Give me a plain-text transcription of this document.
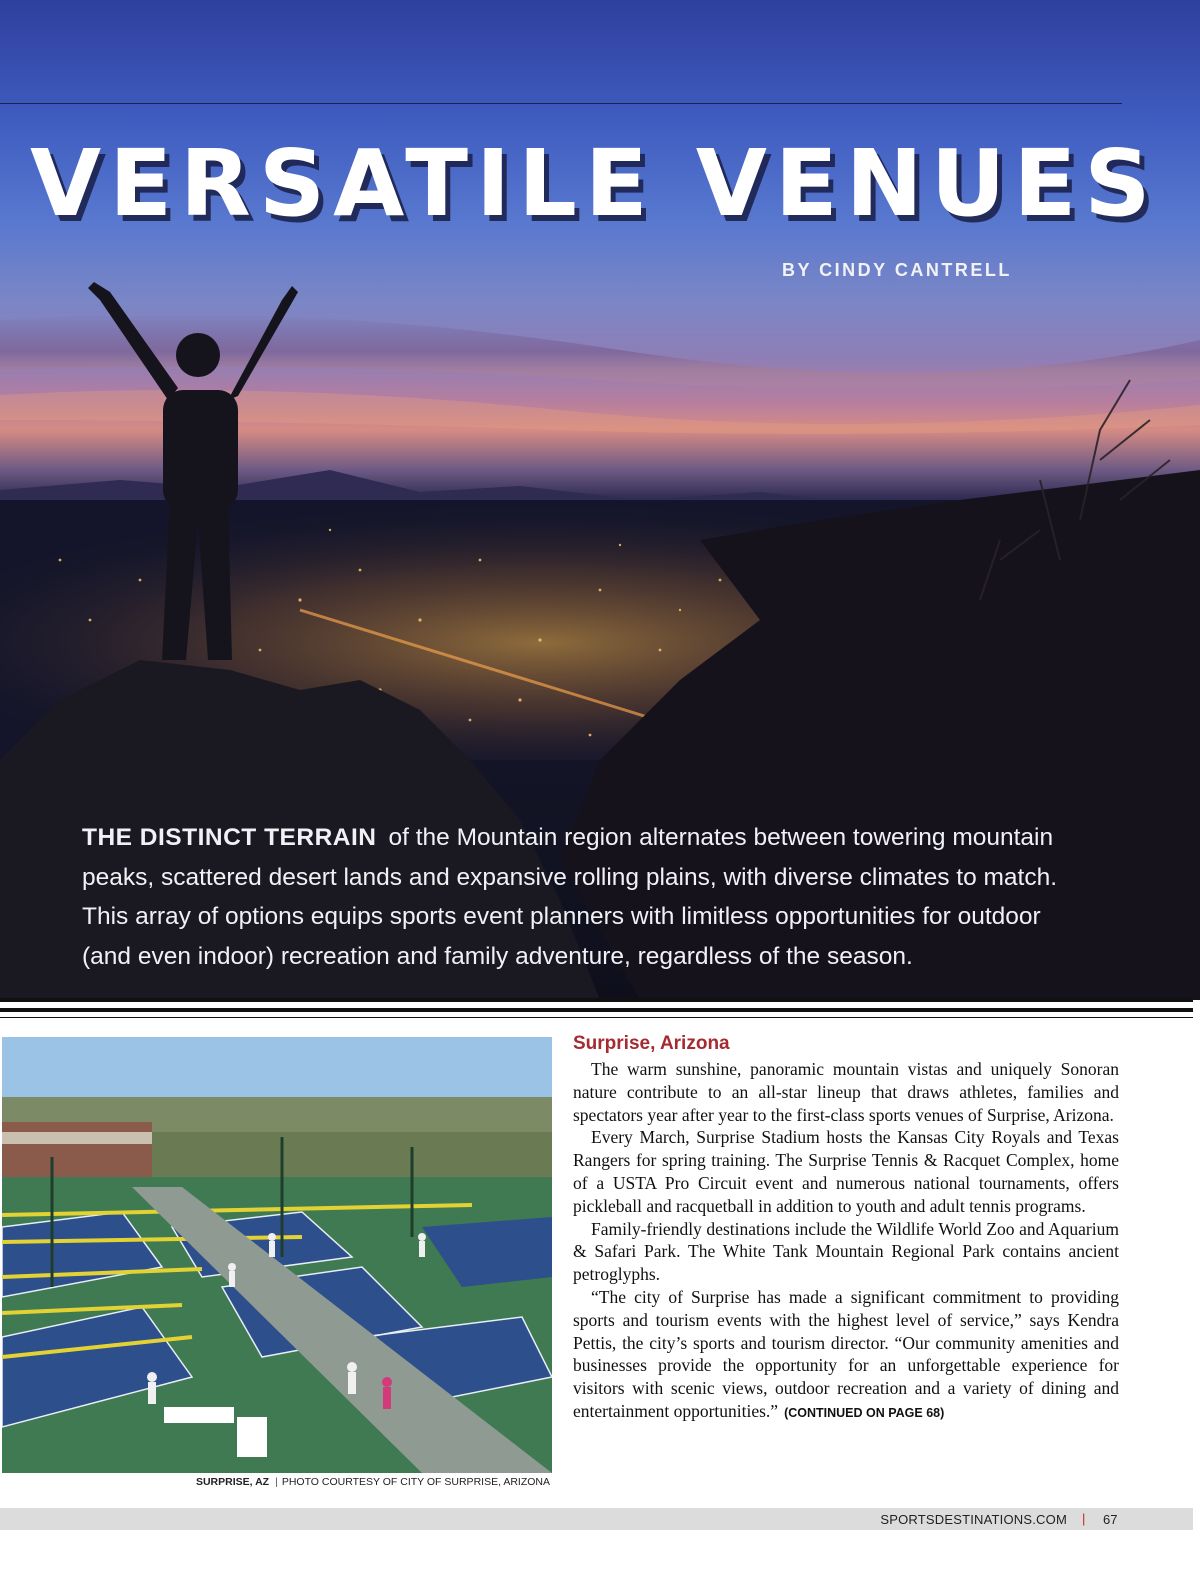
VERSATILE VENUES

BY CINDY CANTRELL

THE DISTINCT TERRAIN of the Mountain region alternates between towering mountain peaks, scattered desert lands and expansive rolling plains, with diverse climates to match. This array of options equips sports event planners with limitless opportunities for outdoor (and even indoor) recreation and family adventure, regardless of the season.

SURPRISE, AZ | PHOTO COURTESY OF CITY OF SURPRISE, ARIZONA

Surprise, Arizona

The warm sunshine, panoramic mountain vistas and uniquely Sonoran nature contribute to an all-star lineup that draws athletes, families and spectators year after year to the first-class sports venues of Surprise, Arizona.

Every March, Surprise Stadium hosts the Kansas City Royals and Texas Rangers for spring training. The Surprise Tennis & Racquet Complex, home of a USTA Pro Circuit event and numerous national tournaments, offers pickleball and racquetball in addition to youth and adult tennis programs.

Family-friendly destinations include the Wildlife World Zoo and Aquarium & Safari Park. The White Tank Mountain Regional Park contains ancient petroglyphs.

“The city of Surprise has made a significant commitment to providing sports and tourism events with the highest level of service,” says Kendra Pettis, the city’s sports and tourism director. “Our community amenities and businesses provide the opportunity for an unforgettable experience for visitors with scenic views, outdoor recreation and a variety of dining and entertainment opportunities.” (CONTINUED ON PAGE 68)

SPORTSDESTINATIONS.COM | 67
